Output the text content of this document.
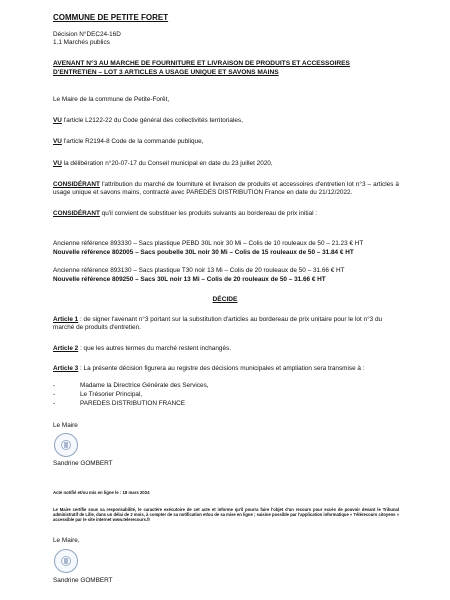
COMMUNE DE PETITE FORET
Décision N°DEC24-16D
1.1 Marchés publics
AVENANT N°3 AU MARCHE DE FOURNITURE ET LIVRAISON DE PRODUITS ET ACCESSOIRES
D'ENTRETIEN – LOT 3 ARTICLES A USAGE UNIQUE ET SAVONS MAINS
Le Maire de la commune de Petite-Forêt,
VU l'article L2122-22 du Code général des collectivités territoriales,
VU l'article R2194-8 Code de la commande publique,
VU la délibération n°20-07-17 du Conseil municipal en date du 23 juillet 2020,
CONSIDÉRANT l'attribution du marché de fourniture et livraison de produits et accessoires d'entretien lot n°3 – articles à usage unique et savons mains, contracté avec PAREDES DISTRIBUTION France en date du 21/12/2022.
CONSIDÉRANT qu'il convient de substituer les produits suivants au bordereau de prix initial :
Ancienne référence 893330 – Sacs plastique PEBD 30L noir 30 Mi – Colis de 10 rouleaux de 50 – 21.23 € HT
Nouvelle référence 802005 – Sacs poubelle 30L noir 30 Mi – Colis de 15 rouleaux de 50 – 31.84 € HT
Ancienne référence 893130 – Sacs plastique T30 noir 13 Mi – Colis de 20 rouleaux de 50 – 31.66 € HT
Nouvelle référence 809250 – Sacs 30L noir 13 Mi – Colis de 20 rouleaux de 50 – 31.66 € HT
DÉCIDE
Article 1 : de signer l'avenant n°3 portant sur la substitution d'articles au bordereau de prix unitaire pour le lot n°3 du marché de produits d'entretien.
Article 2 : que les autres termes du marché restent inchangés.
Article 3 : La présente décision figurera au registre des décisions municipales et ampliation sera transmise à :
-	Madame la Directrice Générale des Services,
-	Le Trésorier Principal,
-	PAREDES DISTRIBUTION FRANCE
Le Maire
Sandrine GOMBERT
Acte notifié et/ou mis en ligne le : 18 mars 2024
Le Maire certifie sous sa responsabilité, le caractère exécutoire de cet acte et informe qu'il pourra faire l'objet d'un recours pour excès de pouvoir devant le Tribunal administratif de Lille, dans un délai de 2 mois, à compter de sa notification et/ou de sa mise en ligne ; saisine possible par l'application informatique « Télérecours citoyens » accessible par le site internet www.telerecours.fr
Le Maire,
Sandrine GOMBERT
